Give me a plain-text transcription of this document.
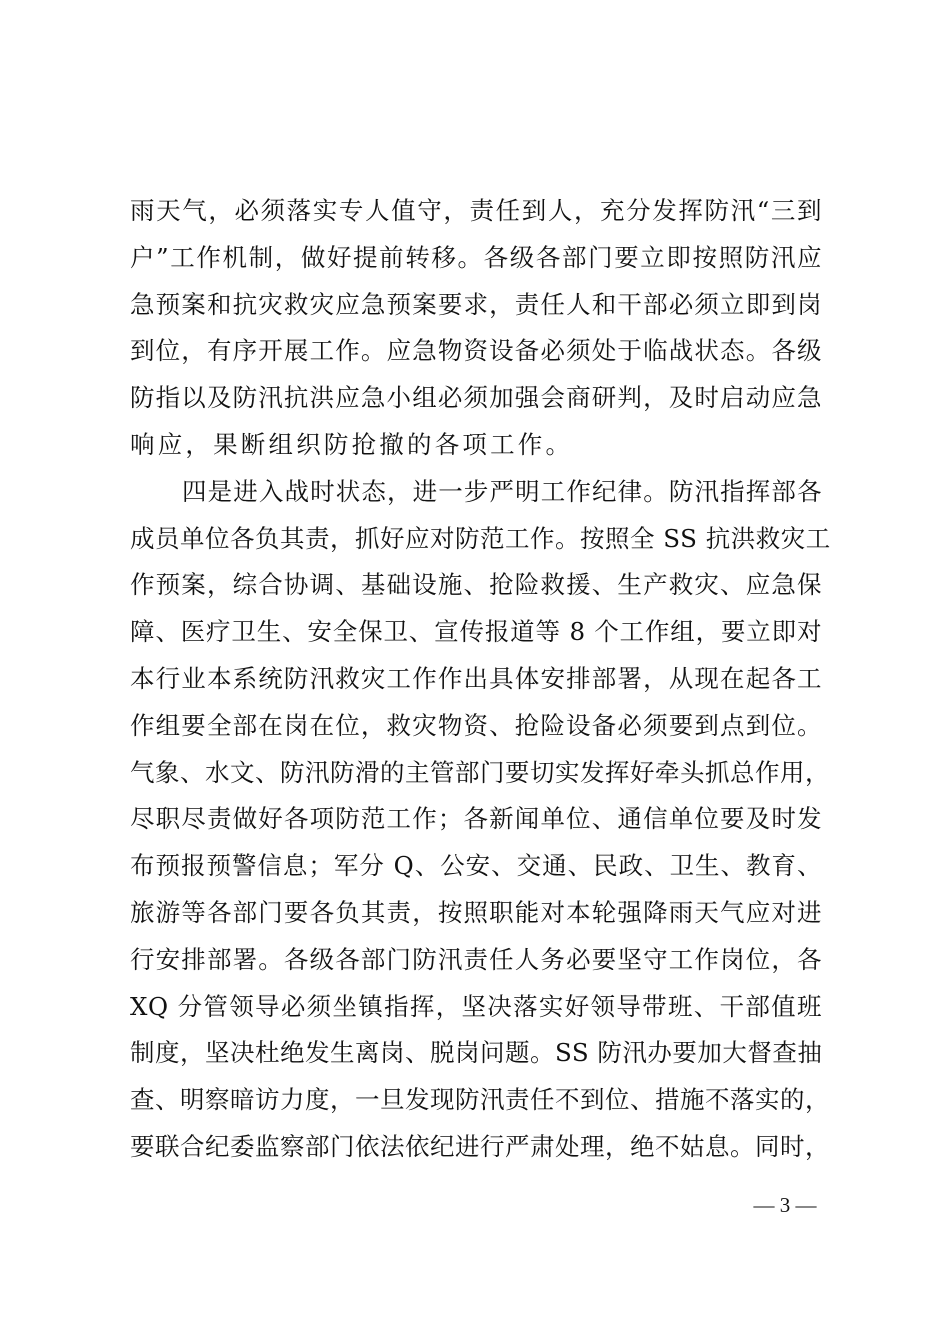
雨天气，必须落实专人值守，责任到人，充分发挥防汛“三到
户”工作机制，做好提前转移。各级各部门要立即按照防汛应
急预案和抗灾救灾应急预案要求，责任人和干部必须立即到岗
到位，有序开展工作。应急物资设备必须处于临战状态。各级
防指以及防汛抗洪应急小组必须加强会商研判，及时启动应急
响应，果断组织防抢撤的各项工作。
四是进入战时状态，进一步严明工作纪律。防汛指挥部各
成员单位各负其责，抓好应对防范工作。按照全 SS 抗洪救灾工
作预案，综合协调、基础设施、抢险救援、生产救灾、应急保
障、医疗卫生、安全保卫、宣传报道等 8 个工作组，要立即对
本行业本系统防汛救灾工作作出具体安排部署，从现在起各工
作组要全部在岗在位，救灾物资、抢险设备必须要到点到位。
气象、水文、防汛防滑的主管部门要切实发挥好牵头抓总作用，
尽职尽责做好各项防范工作；各新闻单位、通信单位要及时发
布预报预警信息；军分 Q、公安、交通、民政、卫生、教育、
旅游等各部门要各负其责，按照职能对本轮强降雨天气应对进
行安排部署。各级各部门防汛责任人务必要坚守工作岗位，各
XQ 分管领导必须坐镇指挥，坚决落实好领导带班、干部值班
制度，坚决杜绝发生离岗、脱岗问题。SS 防汛办要加大督查抽
查、明察暗访力度，一旦发现防汛责任不到位、措施不落实的，
要联合纪委监察部门依法依纪进行严肃处理，绝不姑息。同时，
— 3 —
